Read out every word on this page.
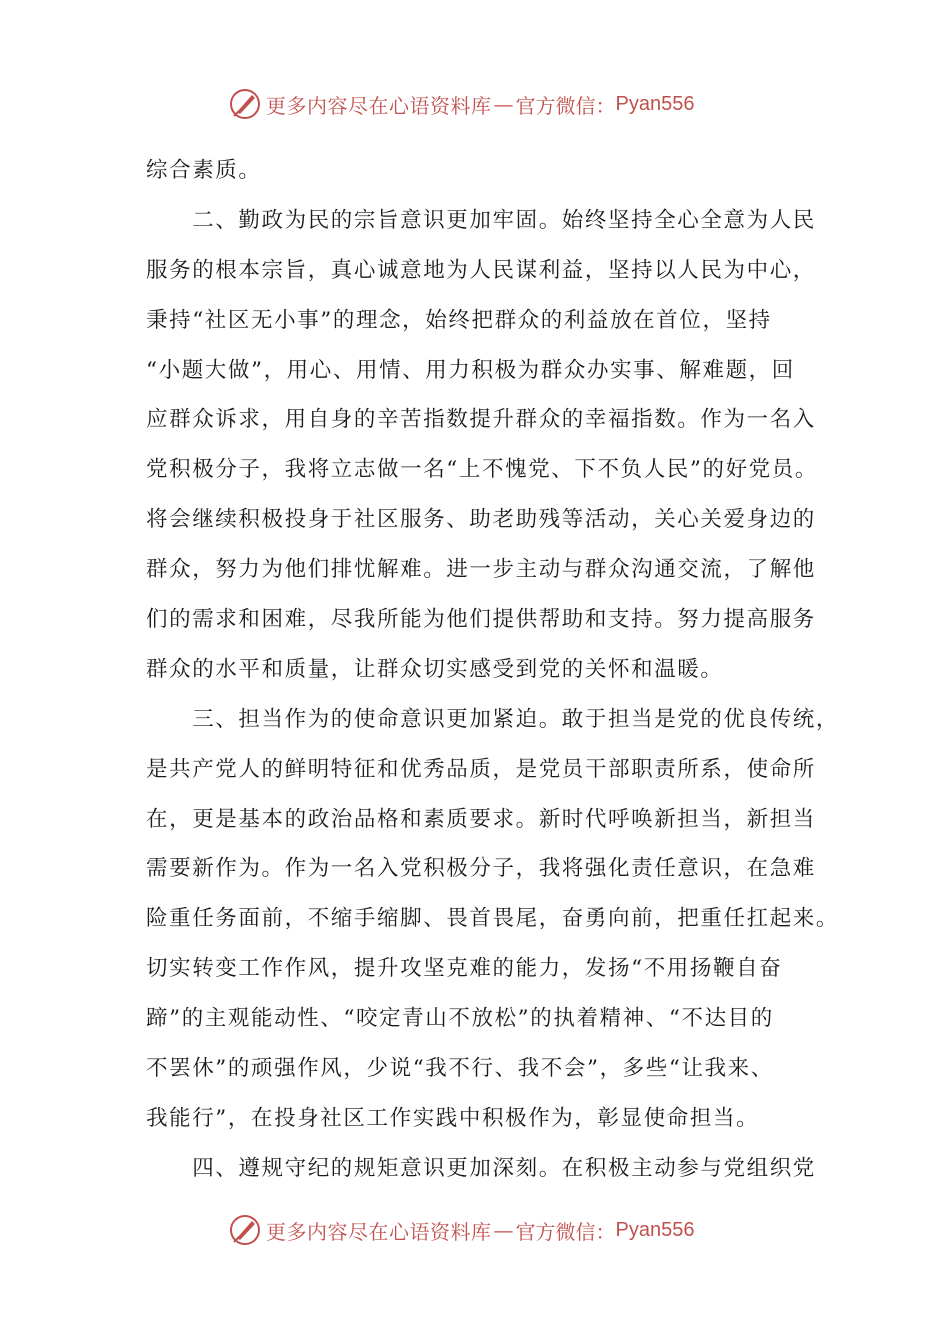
更多内容尽在心语资料库 — 官方微信： Pyan556
综合素质。
　　二、勤政为民的宗旨意识更加牢固。始终坚持全心全意为人民
服务的根本宗旨，真心诚意地为人民谋利益，坚持以人民为中心，
秉持“社区无小事”的理念，始终把群众的利益放在首位，坚持
“小题大做”，用心、用情、用力积极为群众办实事、解难题，回
应群众诉求，用自身的辛苦指数提升群众的幸福指数。作为一名入
党积极分子，我将立志做一名“上不愧党、下不负人民”的好党员。
将会继续积极投身于社区服务、助老助残等活动，关心关爱身边的
群众，努力为他们排忧解难。进一步主动与群众沟通交流，了解他
们的需求和困难，尽我所能为他们提供帮助和支持。努力提高服务
群众的水平和质量，让群众切实感受到党的关怀和温暖。
　　三、担当作为的使命意识更加紧迫。敢于担当是党的优良传统，
是共产党人的鲜明特征和优秀品质，是党员干部职责所系，使命所
在，更是基本的政治品格和素质要求。新时代呼唤新担当，新担当
需要新作为。作为一名入党积极分子，我将强化责任意识，在急难
险重任务面前，不缩手缩脚、畏首畏尾，奋勇向前，把重任扛起来。
切实转变工作作风，提升攻坚克难的能力，发扬“不用扬鞭自奋
蹄”的主观能动性、“咬定青山不放松”的执着精神、“不达目的
不罢休”的顽强作风，少说“我不行、我不会”，多些“让我来、
我能行”，在投身社区工作实践中积极作为，彰显使命担当。
　　四、遵规守纪的规矩意识更加深刻。在积极主动参与党组织党
更多内容尽在心语资料库 — 官方微信： Pyan556
